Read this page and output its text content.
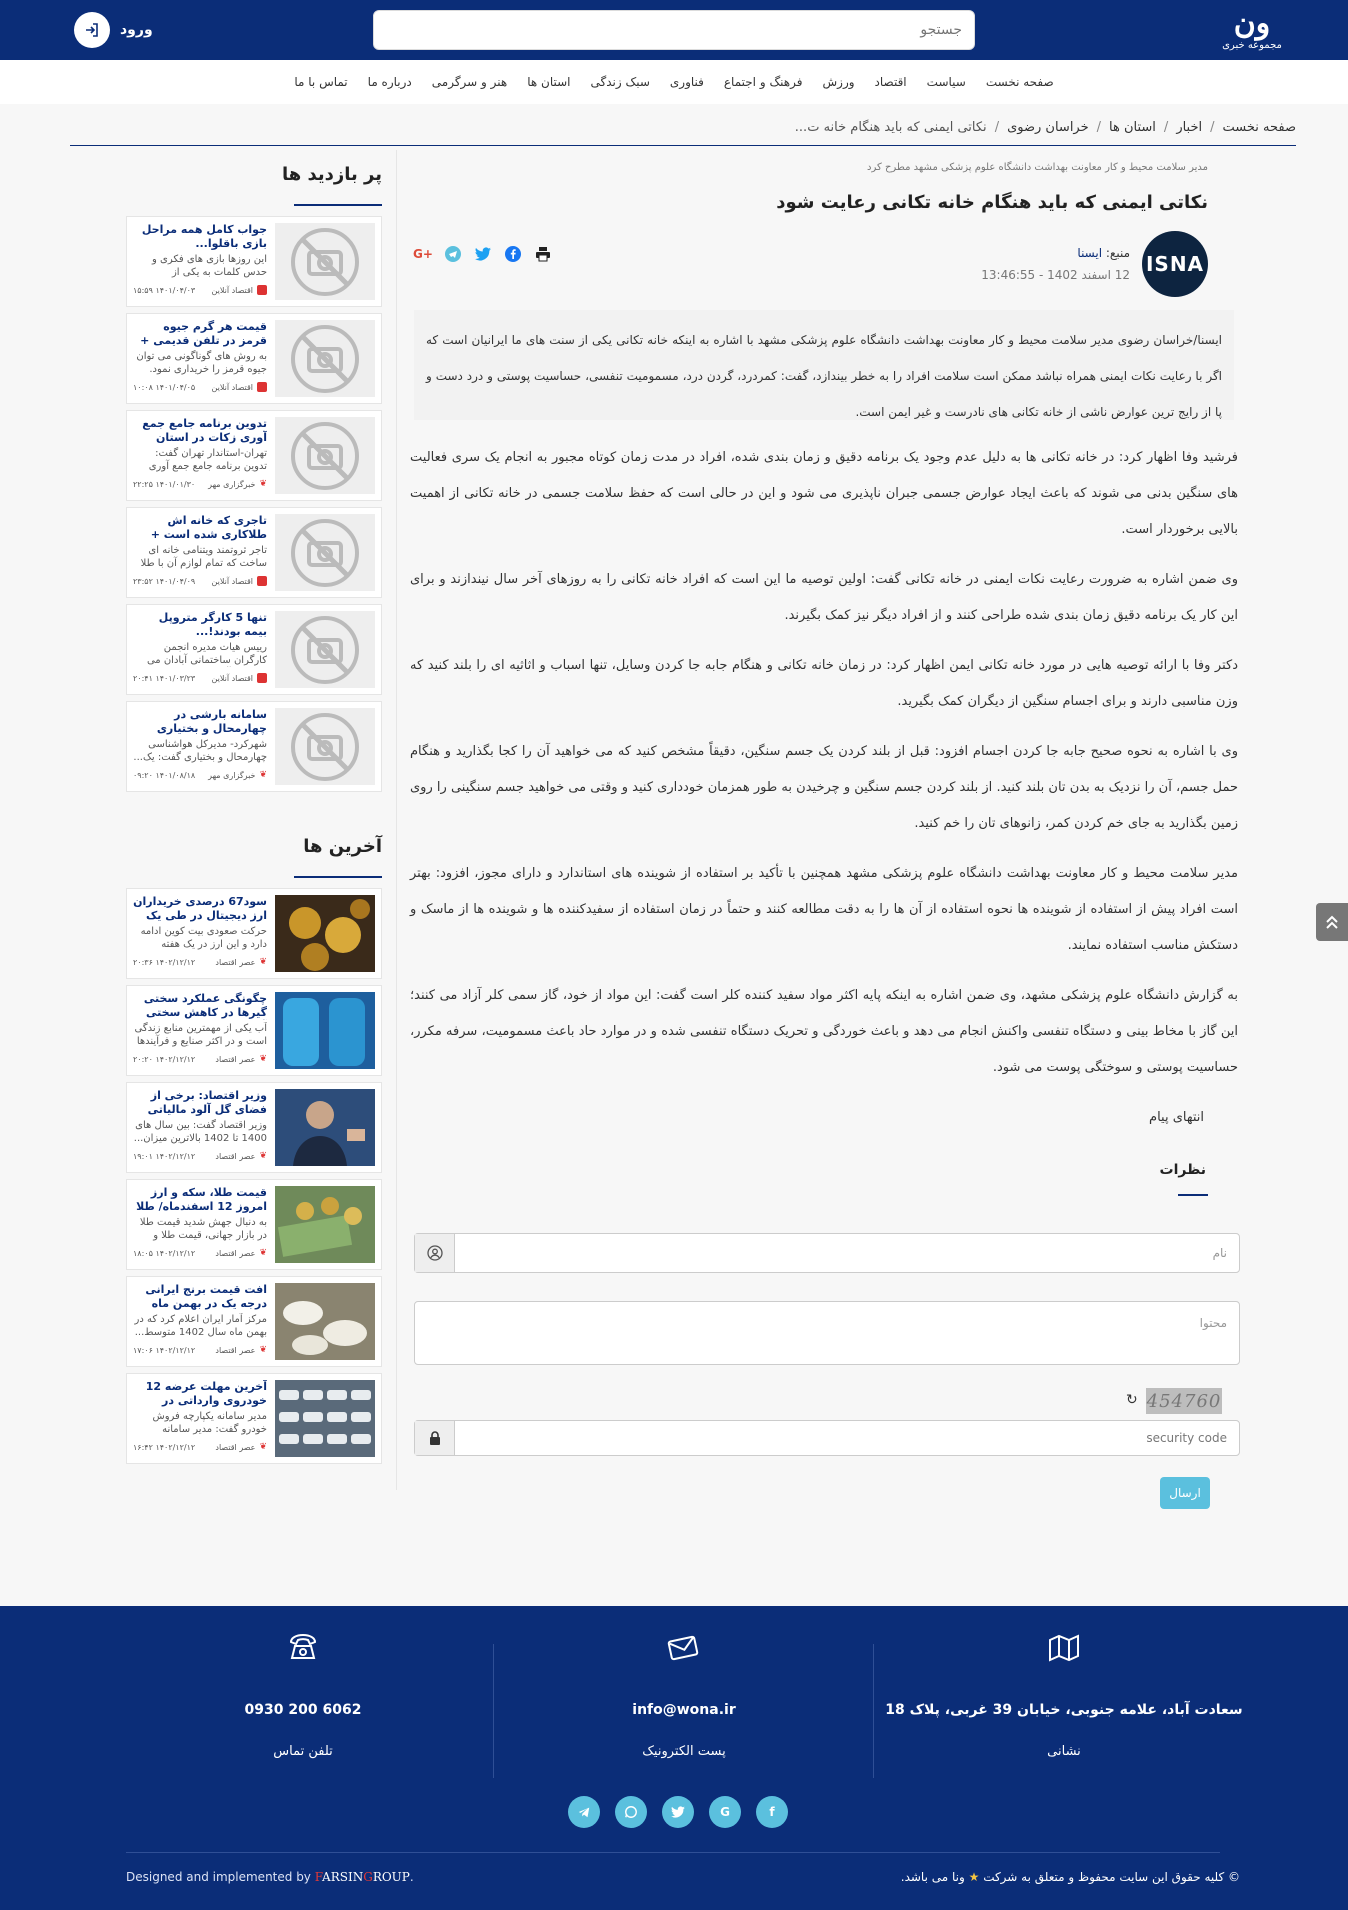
ون
مجموعه خبری
جستجو
ورود
صفحه نخست
سیاست
اقتصاد
ورزش
فرهنگ و اجتماع
فناوری
سبک زندگی
استان ها
هنر و سرگرمی
درباره ما
تماس با ما
صفحه نخست
/
اخبار
/
استان ها
/
خراسان رضوی
/
نکاتی ایمنی که باید هنگام خانه ت...
مدیر سلامت محیط و کار معاونت بهداشت دانشگاه علوم پزشکی مشهد مطرح کرد
نکاتی ایمنی که باید هنگام خانه تکانی رعایت شود
ISNA
منبع: ایسنا
12 اسفند 1402 - 13:46:55
G+
ایسنا/خراسان رضوی مدیر سلامت محیط و کار معاونت بهداشت دانشگاه علوم پزشکی مشهد با اشاره به اینکه خانه تکانی یکی از سنت های ما ایرانیان است که اگر با رعایت نکات ایمنی همراه نباشد ممکن است سلامت افراد را به خطر بیندازد، گفت: کمردرد، گردن درد، مسمومیت تنفسی، حساسیت پوستی و درد دست و پا از رایج ترین عوارض ناشی از خانه تکانی های نادرست و غیر ایمن است.

فرشید وفا اظهار کرد: در خانه تکانی ها به دلیل عدم وجود یک برنامه دقیق و زمان بندی شده، افراد در مدت زمان کوتاه مجبور به انجام یک سری فعالیت های سنگین بدنی می شوند که باعث ایجاد عوارض جسمی جبران ناپذیری می شود و این در حالی است که حفظ سلامت جسمی در خانه تکانی از اهمیت بالایی برخوردار است.

وی ضمن اشاره به ضرورت رعایت نکات ایمنی در خانه تکانی گفت: اولین توصیه ما این است که افراد خانه تکانی را به روزهای آخر سال نیندازند و برای این کار یک برنامه دقیق زمان بندی شده طراحی کنند و از افراد دیگر نیز کمک بگیرند.

دکتر وفا با ارائه توصیه هایی در مورد خانه تکانی ایمن اظهار کرد: در زمان خانه تکانی و هنگام جابه جا کردن وسایل، تنها اسباب و اثاثیه ای را بلند کنید که وزن مناسبی دارند و برای اجسام سنگین از دیگران کمک بگیرید.

وی با اشاره به نحوه صحیح جابه جا کردن اجسام افزود: قبل از بلند کردن یک جسم سنگین، دقیقاً مشخص کنید که می خواهید آن را کجا بگذارید و هنگام حمل جسم، آن را نزدیک به بدن تان بلند کنید. از بلند کردن جسم سنگین و چرخیدن به طور همزمان خودداری کنید و وقتی می خواهید جسم سنگینی را روی زمین بگذارید به جای خم کردن کمر، زانوهای تان را خم کنید.

مدیر سلامت محیط و کار معاونت بهداشت دانشگاه علوم پزشکی مشهد همچنین با تأکید بر استفاده از شوینده های استاندارد و دارای مجوز، افزود: بهتر است افراد پیش از استفاده از شوینده ها نحوه استفاده از آن ها را به دقت مطالعه کنند و حتماً در زمان استفاده از سفیدکننده ها و شوینده ها از ماسک و دستکش مناسب استفاده نمایند.

به گزارش دانشگاه علوم پزشکی مشهد، وی ضمن اشاره به اینکه پایه اکثر مواد سفید کننده کلر است گفت: این مواد از خود، گاز سمی کلر آزاد می کنند؛ این گاز با مخاط بینی و دستگاه تنفسی واکنش انجام می دهد و باعث خوردگی و تحریک دستگاه تنفسی شده و در موارد حاد باعث مسمومیت، سرفه مکرر، حساسیت پوستی و سوختگی پوست می شود.

انتهای پیام
نظرات
نام
محتوا
454760
↻
security code
ارسال
پر بازدید ها
جواب کامل همه مراحل بازی باقلوا...
این روزها بازی های فکری و حدس کلمات به یکی از
اقتصاد آنلاین
۱۴۰۱/۰۴/۰۳ ۱۵:۵۹
قیمت هر گرم جیوه قرمز در تلفن قدیمی +
به روش های گوناگونی می توان جیوه قرمز را خریداری نمود.
اقتصاد آنلاین
۱۴۰۱/۰۴/۰۵ ۱۰:۰۸
تدوین برنامه جامع جمع آوری زکات در استان
تهران-استاندار تهران گفت: تدوین برنامه جامع جمع آوری
❦
خبرگزاری مهر
۱۴۰۱/۰۱/۳۰ ۲۲:۲۵
تاجری که خانه اش طلاکاری شده است +
تاجر ثروتمند ویتنامی خانه ای ساخت که تمام لوازم آن با طلا
اقتصاد آنلاین
۱۴۰۱/۰۴/۰۹ ۲۳:۵۲
تنها 5 کارگر متروپل بیمه بودند!...
رییس هیات مدیره انجمن کارگران ساختمانی آبادان می
اقتصاد آنلاین
۱۴۰۱/۰۳/۲۳ ۲۰:۴۱
سامانه بارشی در چهارمحال و بختیاری
شهرکرد- مدیرکل هواشناسی چهارمحال و بختیاری گفت: یک...
❦
خبرگزاری مهر
۱۴۰۱/۰۸/۱۸ ۰۹:۲۰
آخرین ها
سود67 درصدی خریداران ارز دیجیتال در طی یک
حرکت صعودی بیت کوین ادامه دارد و این ارز در یک هفته
❦
عصر اقتصاد
۱۴۰۲/۱۲/۱۲ ۲۰:۳۶
چگونگی عملکرد سختی گیرها در کاهش سختی
آب یکی از مهمترین منابع زندگی است و در اکثر صنایع و فرآیندها
❦
عصر اقتصاد
۱۴۰۲/۱۲/۱۲ ۲۰:۲۰
وزیر اقتصاد: برخی از فضای گل آلود مالیاتی
وزیر اقتصاد گفت: بین سال های 1400 تا 1402 بالاترین میزان...
❦
عصر اقتصاد
۱۴۰۲/۱۲/۱۲ ۱۹:۰۱
قیمت طلا، سکه و ارز امروز 12 اسفندماه/ طلا
به دنبال جهش شدید قیمت طلا در بازار جهانی، قیمت طلا و
❦
عصر اقتصاد
۱۴۰۲/۱۲/۱۲ ۱۸:۰۵
افت قیمت برنج ایرانی درجه یک در بهمن ماه
مرکز آمار ایران اعلام کرد که در بهمن ماه سال 1402 متوسط...
❦
عصر اقتصاد
۱۴۰۲/۱۲/۱۲ ۱۷:۰۶
آخرین مهلت عرضه 12 خودروی وارداتی در
مدیر سامانه یکپارچه فروش خودرو گفت: مدیر سامانه
❦
عصر اقتصاد
۱۴۰۲/۱۲/۱۲ ۱۶:۴۲
0930 200 6062
تلفن تماس
info@wona.ir
پست الکترونیک
سعادت آباد، علامه جنوبی، خیابان 39 غربی، پلاک 18
نشانی
G	f
© کلیه حقوق این سایت محفوظ و متعلق به شرکت ★ ونا می باشد.
Designed and implemented by FARSINGROUP.
